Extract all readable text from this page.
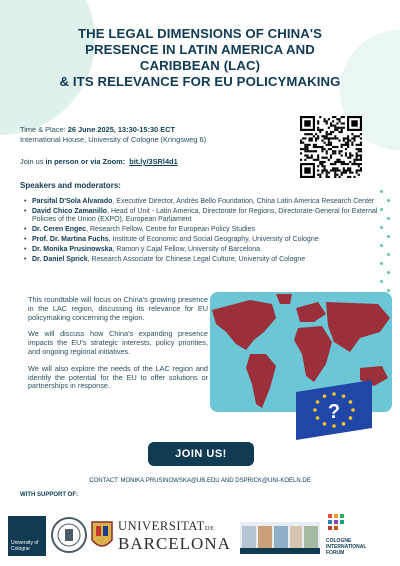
THE LEGAL DIMENSIONS OF CHINA'S
PRESENCE IN LATIN AMERICA AND
CARIBBEAN (LAC)
& ITS RELEVANCE FOR EU POLICYMAKING
Time & Place: 26 June 2025, 13:30-15:30 ECT
International House, University of Cologne (Kringsweg 6)
Join us in person or via Zoom: bit.ly/3SRl4d1
Speakers and moderators:
• Parsifal D'Sola Alvarado, Executive Director, Andrés Bello Foundation, China Latin America Research Center
• David Chico Zamanillo, Head of Unit - Latin America, Directorate for Regions, Directorate-General for External Policies of the Union (EXPO), European Parliament
• Dr. Ceren Engec, Research Fellow, Centre for European Policy Studies
• Prof. Dr. Martina Fuchs, Institute of Economic and Social Geography, University of Cologne
• Dr. Monika Prusinowska, Ramon y Cajal Fellow, University of Barcelona
• Dr. Daniel Sprick, Research Associate for Chinese Legal Culture, University of Cologne

This roundtable will focus on China's growing presence in the LAC region, discussing its relevance for EU policymaking concerning the region.

We will discuss how China's expanding presence impacts the EU's strategic interests, policy priorities, and ongoing regional initiatives.

We will also explore the needs of the LAC region and identify the potential for the EU to offer solutions or partnerships in response.

?
JOIN US!
CONTACT: MONIKA.PRUSINOWSKA@UB.EDU AND DSPRICK@UNI-KOELN.DE
WITH SUPPORT OF:
University of Cologne
UNIVERSITATDE
BARCELONA	COLOGNE
INTERNATIONAL
FORUM
